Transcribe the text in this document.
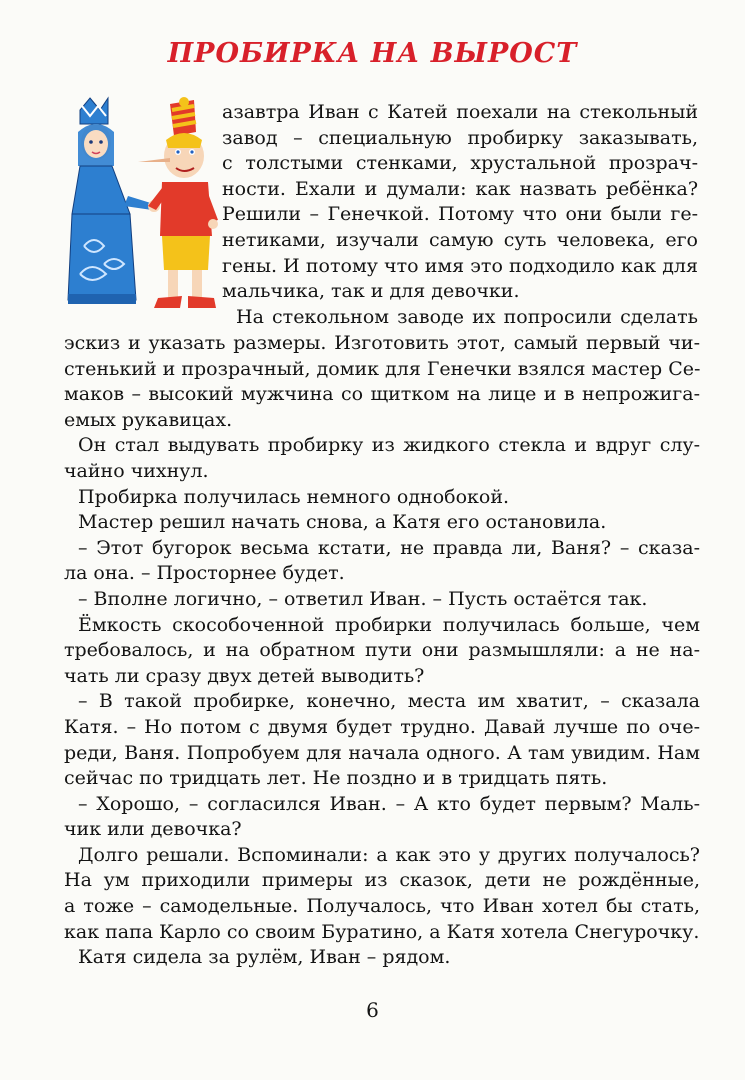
ПРОБИРКА НА ВЫРОСТ
азавтра Иван с Катей поехали на стекольный
завод – специальную пробирку заказывать,
с толстыми стенками, хрустальной прозрач-
ности. Ехали и думали: как назвать ребёнка?
Решили – Генечкой. Потому что они были ге-
нетиками, изучали самую суть человека, его
гены. И потому что имя это подходило как для
мальчика, так и для девочки.
На стекольном заводе их попросили сделать
эскиз и указать размеры. Изготовить этот, самый первый чи-
стенький и прозрачный, домик для Генечки взялся мастер Се-
маков – высокий мужчина со щитком на лице и в непрожига-
емых рукавицах.
Он стал выдувать пробирку из жидкого стекла и вдруг слу-
чайно чихнул.
Пробирка получилась немного однобокой.
Мастер решил начать снова, а Катя его остановила.
– Этот бугорок весьма кстати, не правда ли, Ваня? – сказа-
ла она. – Просторнее будет.
– Вполне логично, – ответил Иван. – Пусть остаётся так.
Ёмкость скособоченной пробирки получилась больше, чем
требовалось, и на обратном пути они размышляли: а не на-
чать ли сразу двух детей выводить?
– В такой пробирке, конечно, места им хватит, – сказала
Катя. – Но потом с двумя будет трудно. Давай лучше по оче-
реди, Ваня. Попробуем для начала одного. А там увидим. Нам
сейчас по тридцать лет. Не поздно и в тридцать пять.
– Хорошо, – согласился Иван. – А кто будет первым? Маль-
чик или девочка?
Долго решали. Вспоминали: а как это у других получалось?
На ум приходили примеры из сказок, дети не рождённые,
а тоже – самодельные. Получалось, что Иван хотел бы стать,
как папа Карло со своим Буратино, а Катя хотела Снегурочку.
Катя сидела за рулём, Иван – рядом.
6
